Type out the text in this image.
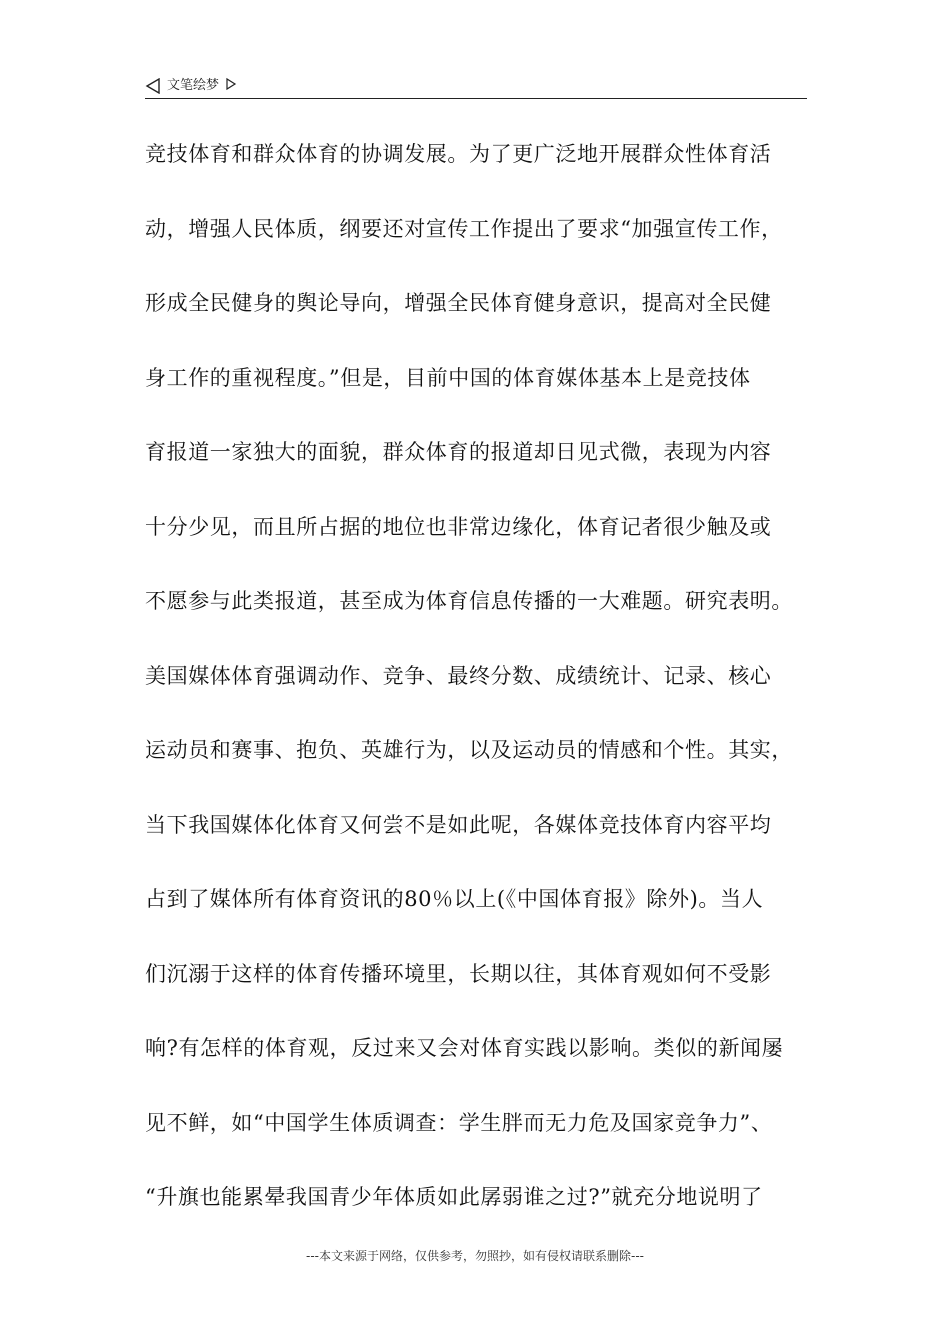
文笔绘梦
竞技体育和群众体育的协调发展。为了更广泛地开展群众性体育活
动，增强人民体质，纲要还对宣传工作提出了要求“加强宣传工作，
形成全民健身的舆论导向，增强全民体育健身意识，提高对全民健
身工作的重视程度。”但是，目前中国的体育媒体基本上是竞技体
育报道一家独大的面貌，群众体育的报道却日见式微，表现为内容
十分少见，而且所占据的地位也非常边缘化，体育记者很少触及或
不愿参与此类报道，甚至成为体育信息传播的一大难题。研究表明。
美国媒体体育强调动作、竞争、最终分数、成绩统计、记录、核心
运动员和赛事、抱负、英雄行为，以及运动员的情感和个性。其实，
当下我国媒体化体育又何尝不是如此呢，各媒体竞技体育内容平均
占到了媒体所有体育资讯的80％以上(《中国体育报》除外)。当人
们沉溺于这样的体育传播环境里，长期以往，其体育观如何不受影
响?有怎样的体育观，反过来又会对体育实践以影响。类似的新闻屡
见不鲜，如“中国学生体质调查：学生胖而无力危及国家竞争力”、
“升旗也能累晕我国青少年体质如此孱弱谁之过?”就充分地说明了
---本文来源于网络，仅供参考，勿照抄，如有侵权请联系删除---
